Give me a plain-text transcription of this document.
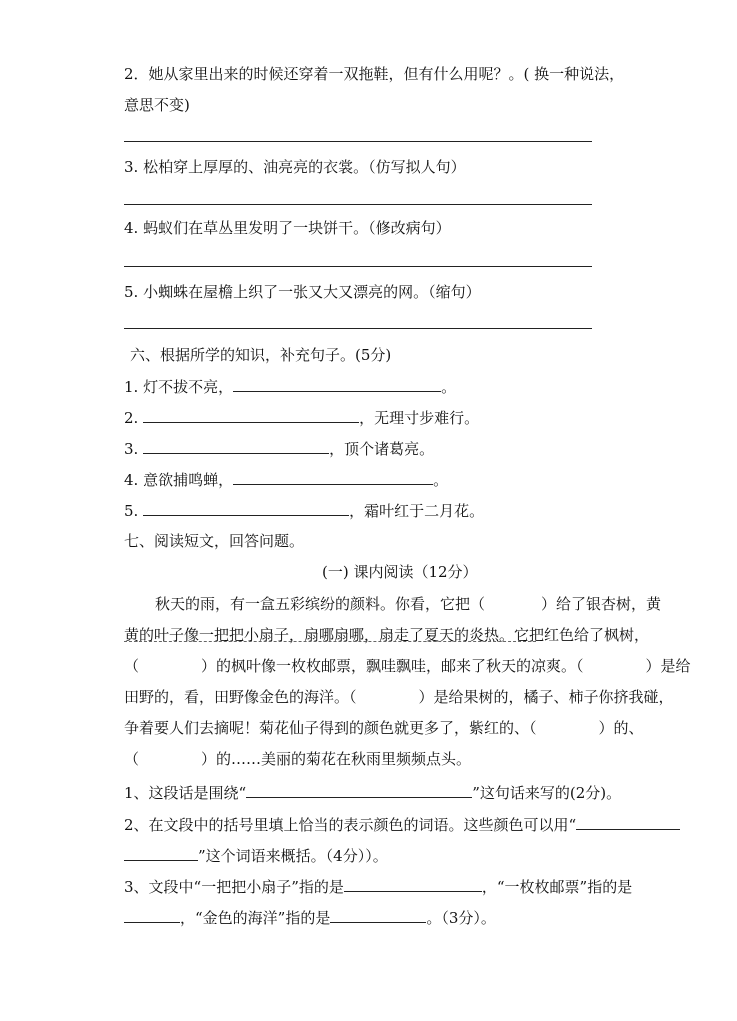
2．她从家里出来的时候还穿着一双拖鞋，但有什么用呢？。( 换一种说法，
意思不变)
3. 松柏穿上厚厚的、油亮亮的衣裳。（仿写拟人句）
4. 蚂蚁们在草丛里发明了一块饼干。（修改病句）
5. 小蜘蛛在屋檐上织了一张又大又漂亮的网。（缩句）
六、根据所学的知识，补充句子。(5分)
1. 灯不拔不亮，	。
2.	，无理寸步难行。
3.	，顶个诸葛亮。
4. 意欲捕鸣蝉，	。
5.	，霜叶红于二月花。
七、阅读短文，回答问题。
(一) 课内阅读（12分）
秋天的雨，有一盒五彩缤纷的颜料。你看，它把（	）给了银杏树，黄
黄的叶子像一把把小扇子，扇哪扇哪，扇走了夏天的炎热。它把红色给了枫树，
（	）的枫叶像一枚枚邮票，飘哇飘哇，邮来了秋天的凉爽。（	）是给
田野的，看，田野像金色的海洋。（	）是给果树的，橘子、柿子你挤我碰，
争着要人们去摘呢！菊花仙子得到的颜色就更多了，紫红的、（	）的、
（	）的……美丽的菊花在秋雨里频频点头。
1、这段话是围绕“	”这句话来写的(2分)。
2、在文段中的括号里填上恰当的表示颜色的词语。这些颜色可以用“
”这个词语来概括。（4分））。
3、文段中“一把把小扇子”指的是	，“一枚枚邮票”指的是
，“金色的海洋”指的是	。（3分）。
